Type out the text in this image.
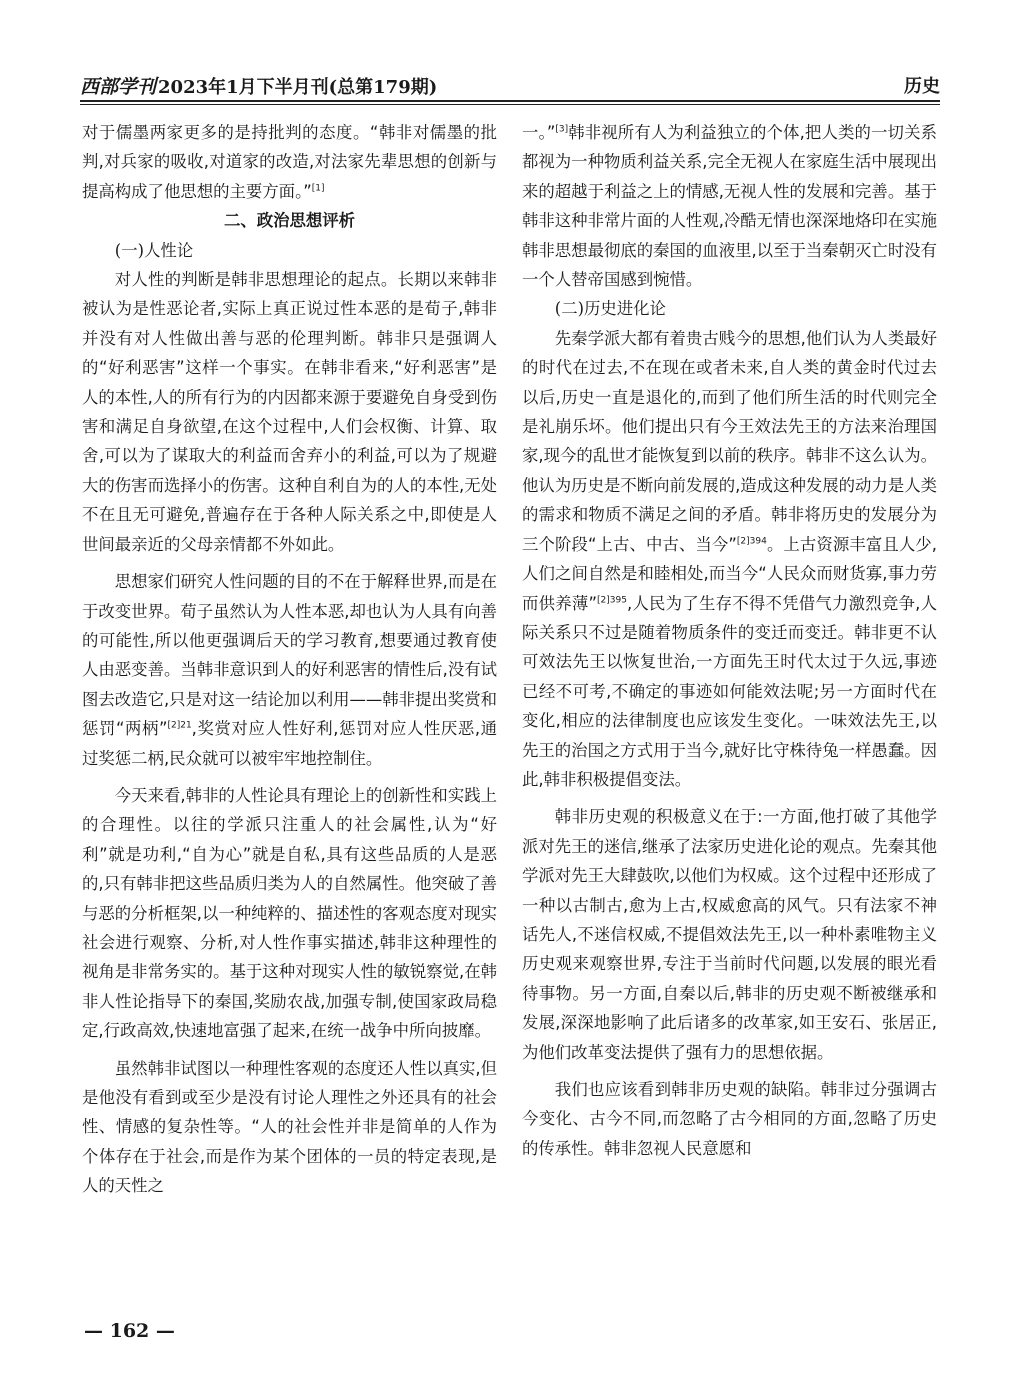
西部学刊 2023年1月下半月刊(总第179期)	历史

对于儒墨两家更多的是持批判的态度。“韩非对儒墨的批判,对兵家的吸收,对道家的改造,对法家先辈思想的创新与提高构成了他思想的主要方面。”[1]

二、政治思想评析

(一)人性论

对人性的判断是韩非思想理论的起点。长期以来韩非被认为是性恶论者,实际上真正说过性本恶的是荀子,韩非并没有对人性做出善与恶的伦理判断。韩非只是强调人的“好利恶害”这样一个事实。在韩非看来,“好利恶害”是人的本性,人的所有行为的内因都来源于要避免自身受到伤害和满足自身欲望,在这个过程中,人们会权衡、计算、取舍,可以为了谋取大的利益而舍弃小的利益,可以为了规避大的伤害而选择小的伤害。这种自利自为的人的本性,无处不在且无可避免,普遍存在于各种人际关系之中,即使是人世间最亲近的父母亲情都不外如此。

思想家们研究人性问题的目的不在于解释世界,而是在于改变世界。荀子虽然认为人性本恶,却也认为人具有向善的可能性,所以他更强调后天的学习教育,想要通过教育使人由恶变善。当韩非意识到人的好利恶害的情性后,没有试图去改造它,只是对这一结论加以利用——韩非提出奖赏和惩罚“两柄”$^{[2]21}$,奖赏对应人性好利,惩罚对应人性厌恶,通过奖惩二柄,民众就可以被牢牢地控制住。

今天来看,韩非的人性论具有理论上的创新性和实践上的合理性。以往的学派只注重人的社会属性,认为“好利”就是功利,“自为心”就是自私,具有这些品质的人是恶的,只有韩非把这些品质归类为人的自然属性。他突破了善与恶的分析框架,以一种纯粹的、描述性的客观态度对现实社会进行观察、分析,对人性作事实描述,韩非这种理性的视角是非常务实的。基于这种对现实人性的敏锐察觉,在韩非人性论指导下的秦国,奖励农战,加强专制,使国家政局稳定,行政高效,快速地富强了起来,在统一战争中所向披靡。

虽然韩非试图以一种理性客观的态度还人性以真实,但是他没有看到或至少是没有讨论人理性之外还具有的社会性、情感的复杂性等。“人的社会性并非是简单的人作为个体存在于社会,而是作为某个团体的一员的特定表现,是人的天性之

一。”[3]韩非视所有人为利益独立的个体,把人类的一切关系都视为一种物质利益关系,完全无视人在家庭生活中展现出来的超越于利益之上的情感,无视人性的发展和完善。基于韩非这种非常片面的人性观,冷酷无情也深深地烙印在实施韩非思想最彻底的秦国的血液里,以至于当秦朝灭亡时没有一个人替帝国感到惋惜。

(二)历史进化论

先秦学派大都有着贵古贱今的思想,他们认为人类最好的时代在过去,不在现在或者未来,自人类的黄金时代过去以后,历史一直是退化的,而到了他们所生活的时代则完全是礼崩乐坏。他们提出只有今王效法先王的方法来治理国家,现今的乱世才能恢复到以前的秩序。韩非不这么认为。他认为历史是不断向前发展的,造成这种发展的动力是人类的需求和物质不满足之间的矛盾。韩非将历史的发展分为三个阶段“上古、中古、当今”$^{[2]394}$。上古资源丰富且人少,人们之间自然是和睦相处,而当今“人民众而财货寡,事力劳而供养薄”$^{[2]395}$,人民为了生存不得不凭借气力激烈竞争,人际关系只不过是随着物质条件的变迁而变迁。韩非更不认可效法先王以恢复世治,一方面先王时代太过于久远,事迹已经不可考,不确定的事迹如何能效法呢;另一方面时代在变化,相应的法律制度也应该发生变化。一味效法先王,以先王的治国之方式用于当今,就好比守株待兔一样愚蠢。因此,韩非积极提倡变法。

韩非历史观的积极意义在于:一方面,他打破了其他学派对先王的迷信,继承了法家历史进化论的观点。先秦其他学派对先王大肆鼓吹,以他们为权威。这个过程中还形成了一种以古制古,愈为上古,权威愈高的风气。只有法家不神话先人,不迷信权威,不提倡效法先王,以一种朴素唯物主义历史观来观察世界,专注于当前时代问题,以发展的眼光看待事物。另一方面,自秦以后,韩非的历史观不断被继承和发展,深深地影响了此后诸多的改革家,如王安石、张居正,为他们改革变法提供了强有力的思想依据。

我们也应该看到韩非历史观的缺陷。韩非过分强调古今变化、古今不同,而忽略了古今相同的方面,忽略了历史的传承性。韩非忽视人民意愿和

— 162 —
